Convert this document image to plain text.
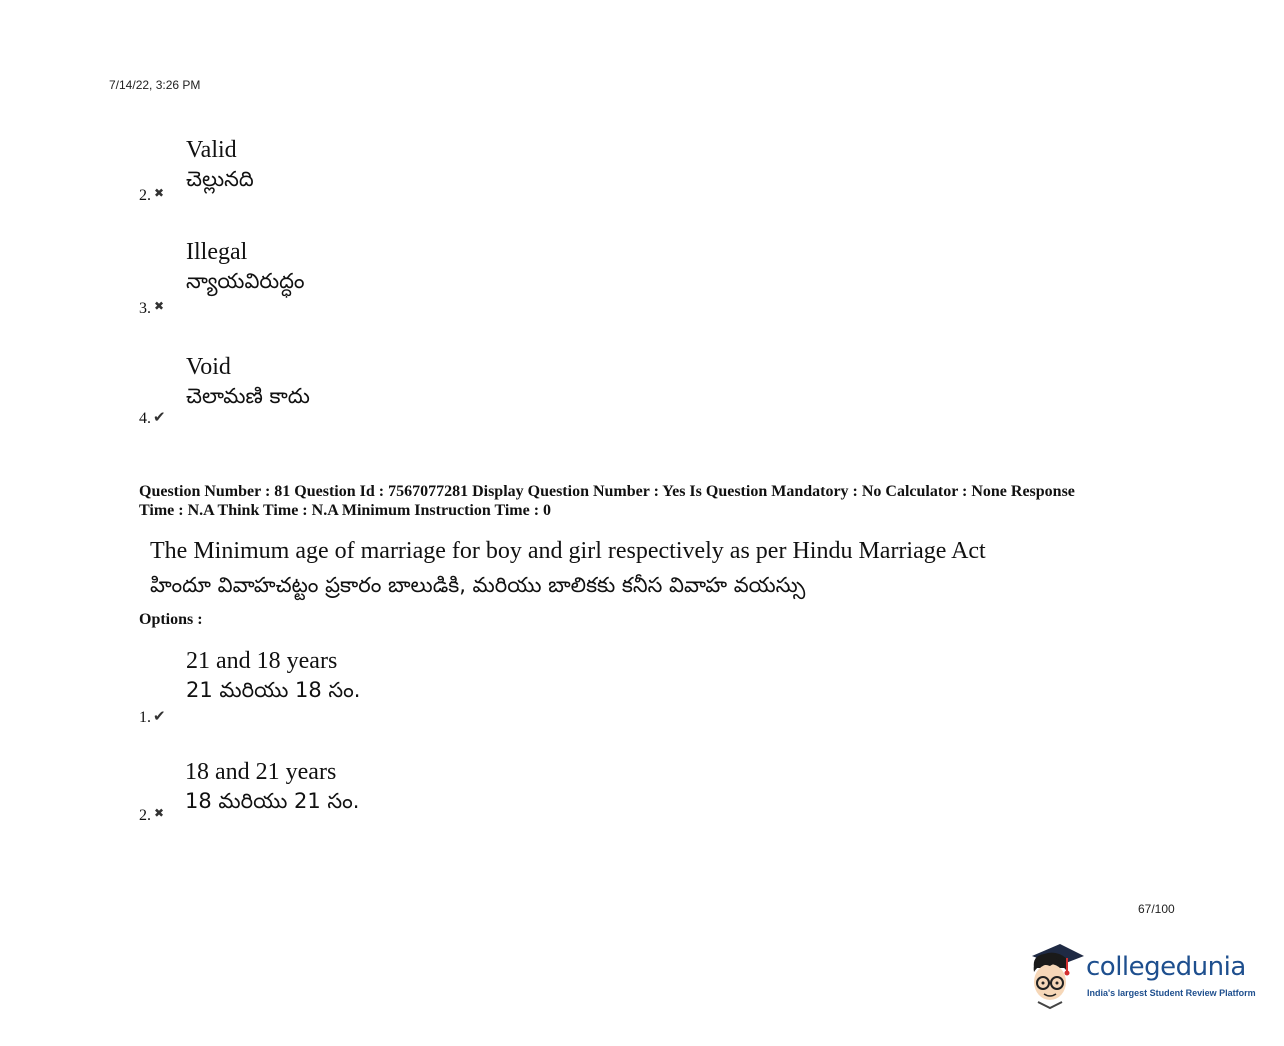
7/14/22, 3:26 PM
Valid
చెల్లునది
2. ✖
Illegal
న్యాయవిరుద్ధం
3. ✖
Void
చెలామణి కాదు
4. ✔
Question Number : 81 Question Id : 7567077281 Display Question Number : Yes Is Question Mandatory : No Calculator : None Response
Time : N.A Think Time : N.A Minimum Instruction Time : 0
The Minimum age of marriage for boy and girl respectively as per Hindu Marriage Act
హిందూ వివాహచట్టం ప్రకారం బాలుడికి, మరియు బాలికకు కనీస వివాహ వయస్సు
Options :
21 and 18 years
21 మరియు 18 సం.
1. ✔
18 and 21 years
18 మరియు 21 సం.
2. ✖
67/100
collegedunia
India's largest Student Review Platform
